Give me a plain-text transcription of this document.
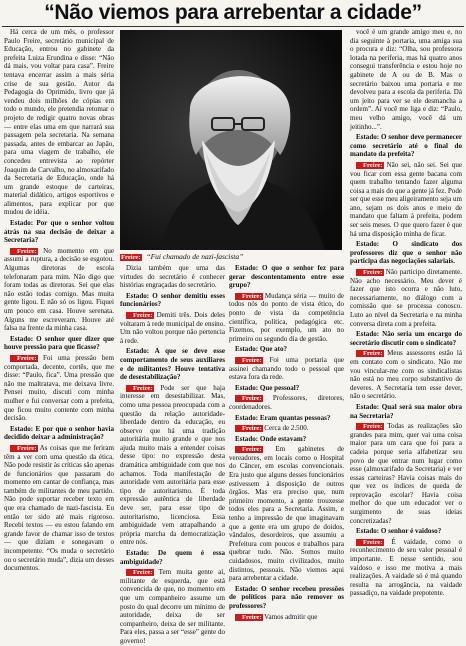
“Não viemos para arrebentar a cidade”

Há cerca de um mês, o professor Paulo Freire, secretário municipal de Educação, entrou no gabinete da prefeita Luiza Erundina e disse: “Não dá mais, vou voltar para casa”. Freire tentava encerrar assim a mais séria crise de sua gestão. Autor da Pedagogia do Oprimido, livro que já vendeu dois milhões de cópias em todo o mundo, ele pretendia retomar o projeto de redigir quatro novas obras — entre elas uma em que narrará sua passagem pela secretaria. Na semana passada, antes de embarcar ao Japão, para uma viagem de trabalho, ele concedeu entrevista ao repórter Joaquim de Carvalho, no almoxarifado da Secretaria de Educação, onde há um grande estoque de carteiras, material didático, artigos esportivos e alimentos, para explicar por que mudou de idéia.

Estado: Por que o senhor voltou atrás na sua decisão de deixar a Secretaria?

Freire: No momento em que assumi a ruptura, a decisão se esgotou. Algumas diretoras de escola telefonaram para mim. Não digo que foram todas as diretoras. Sei que elas não estão todas comigo. Mas muita gente ligou. E não só os ligou. Fiquei um pouco em casa. Houve serenata. Alguns me escreveram. Houve até falsa na frente da minha casa.

Estado: O senhor quer dizer que houve pressão para que ficasse?

Freire: Foi uma pressão bem comportada, decente, cortês, que me disse: “Paulo, fica”. Uma pressão que não me maltratava, me deixava livre. Pensei muito, discuti com minha mulher e fui conversar com a prefeita, que ficou muito contente com minha decisão.

Estado: E por que o senhor havia decidido deixar a administração?

Freire: As coisas que me feriram têm a ver com uma questão da ética. Não pode resistir às críticas são apenas de funcionários que passaram do momento em cantar de confiança, mas também de militantes de meu partido. Não pode suportar receber texto em que era chamado de nazi-fascista. Eu então ter sido até mais rigoroso. Recebi textos — eu estou falando em grande favor de chamar isso de textos — que diziam e sonegavam o incompetente. “Os muda o secretário ou o secretário muda”, dizia um desses documentos.

Freire: “Fui chamado de nazi-fascista”

Dizia também que uma das virtudes do secretário é conhecer histórias engraçadas do secretário.

Estado: O senhor demitiu esses funcionários?

Freire: Demiti três. Dois deles voltaram à rede municipal de ensino. Um não voltou porque não pertencia à rede.

Estado: A que se deve esse comportamento de seus auxiliares e de militantes? Houve tentativa de desestabilização?

Freire: Pode ser que haja interesse em desestabilizar. Mas, como uma pessoa preocupada com a questão da relação autoridade-liberdade dentro da educação, eu observo que há uma tradição autoritária muito grande e que nos ajuda muito mais a entender coisas desse tipo: no expressão desta dramática ambiguidade com que nos achamos. Toda manifestação de autoridade vem autoritária para esse tipo de autoritarismo. É toda expressão autêntica de liberdade deve ser, para esse tipo de autoritarismo, licenciosa. Essa ambiguidade vem atrapalhando a própria marcha da democratização entre nós.

Estado: De quem é essa ambiguidade?

Freire: Tem muita gente aí, militante de esquerda, que está convencida de que, no momento em que um companheiro assume um posto do qual decorre um mínimo de autoridade, deixa de ser companheiro, deixa de ser militante. Para eles, passa a ser “esse” gente do governo!

Estado: O que o senhor fez para gerar descontentamento entre esse grupo?

Freire: Mudança séria — muito de todos nós do ponto de vista ético, do ponto de vista da competência científica, política, pedagógica etc. Fizemos, por exemplo, um ato no primeiro ou segundo dia de gestão.

Estado: Que ato?

Freire: Foi uma portaria que assinei chamando todo o pessoal que estava fora da rede.

Estado: Que pessoal?

Freire: Professores, diretores, coordenadores.

Estado: Eram quantas pessoas?

Freire: Cerca de 2.500.

Estado: Onde estavam?

Freire: Em gabinetes de vereadores, em locais como o Hospital do Câncer, em escolas convencionais. Era justo que alguns desses funcionários estivessem à disposição de outros órgãos. Mas era preciso que, num primeiro momento, a gente trouxesse todos eles para a Secretaria. Assim, e tenho a impressão de que imaginavam que a gente era um grupo de doidos, vândalos, desordeiros, que assumiu a Prefeitura com poucos e trabalhos para quebrar tudo. Não. Somos muito cuidadosos, muito civilizados, muito distintos, pessoais. Não viemos aqui para arrebentar a cidade.

Estado: O senhor recebeu pressões de políticos para não remover os professores?

Freire: Vamos admitir que

você é um grande amigo meu e, no dia seguinte à portaria, uma amiga sua o procura e diz: “Olha, sou professora lotada na periferia, mas há quatro anos consegui transferência e estou hoje no gabinete de A ou de B. Mas o secretário baixou uma portaria e me devolveu para a escola da periferia. Dá um jeito para ver se ele desmancha a ordem”. Aí você me liga e diz: “Paulo, meu velho amigo, você dá um jeitinho...”.

Estado: O senhor deve permanecer como secretário até o final do mandato da prefeita?

Freire: Não sei, não sei. Sei que vou ficar com essa gente bacana com quem trabalho tentando fazer alguma coisa a mais do que a gente já fez. Pode ser que esse meu aligeiramento seja um ano, sejam os dois anos e meio de mandato que faltam à prefeita, podem ser seis meses. O que quero fazer é que há uma disposição minha de ficar.

Estado: O sindicato dos professores diz que o senhor não participa das negociações salariais.

Freire: Não participo diretamente. Não acho necessário. Meu dever é fazer que isto ocorra e não luto, necessariamente, no diálogo com a comissão que se processa conosco. Luto ao nível da Secretaria e na minha conversa direta com a prefeita.

Estado: Não seria um encargo do secretário discutir com o sindicato?

Freire: Meus assessores estão lá em contato com o sindicato. Não me vou vincular-me com os sindicalistas não está no meu corpo substantivo de deveres. A Secretaria tem esse dever, não o secretário.

Estado: Qual será sua maior obra na Secretaria?

Freire: Todas as realizações são grandes para mim, quer vai uma coisa maior para um cara que foi para a cadeia porque seria alfabetizar seu povo de que entrar num lugar como esse (almoxarifado da Secretaria) e ver essas carteiras? Havia coisas mais do que vez os índices de queda de reprovação escolar? Havia coisa melhor do que um educador ver o surgimento de suas ideias concretizadas?

Estado: O senhor é vaidoso?

Freire: É vaidade, como o reconhecimento de seu valor pessoal é importante. E nesse sentido, sou vaidoso e isso me motiva a mais realizações. A vaidade só é má quando resulta na arrogância, na vaidade passadiço, na vaidade prepotente.
